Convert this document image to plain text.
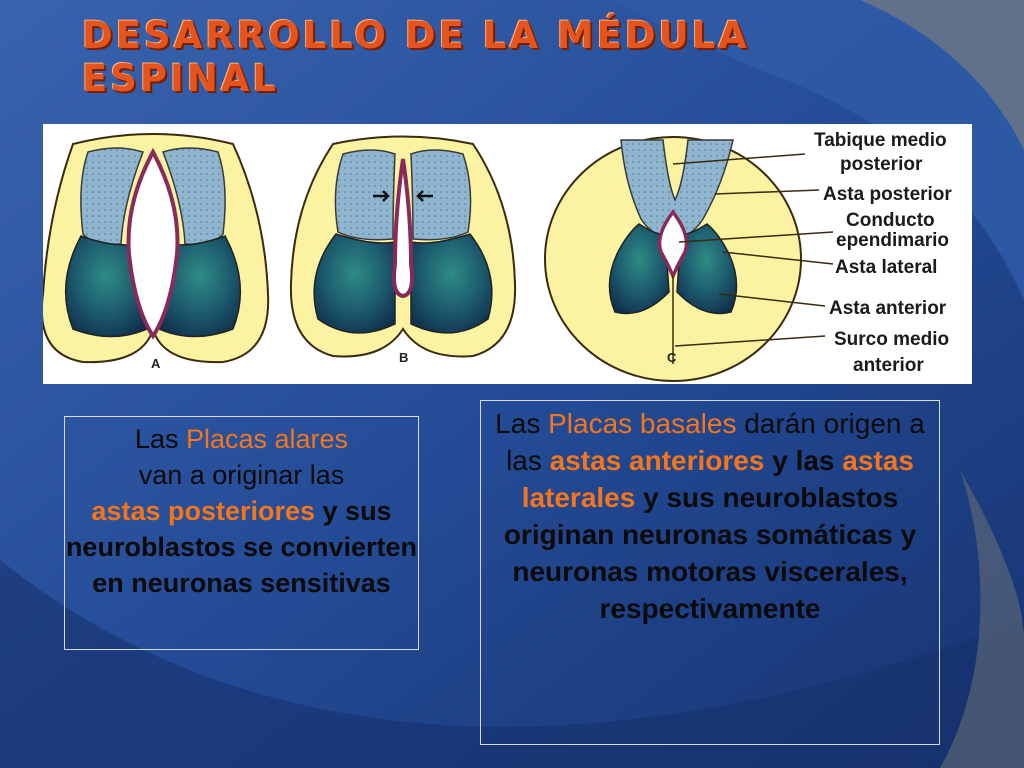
DESARROLLO DE LA MÉDULA ESPINAL
A	B	C
Tabique medio
posterior
Asta posterior
Conducto
ependimario
Asta lateral
Asta anterior
Surco medio
anterior
Las Placas alares
van a originar las
astas posteriores y sus neuroblastos se convierten en neuronas sensitivas
Las Placas basales darán origen a las astas anteriores y las astas laterales y sus neuroblastos originan neuronas somáticas y neuronas motoras viscerales, respectivamente
